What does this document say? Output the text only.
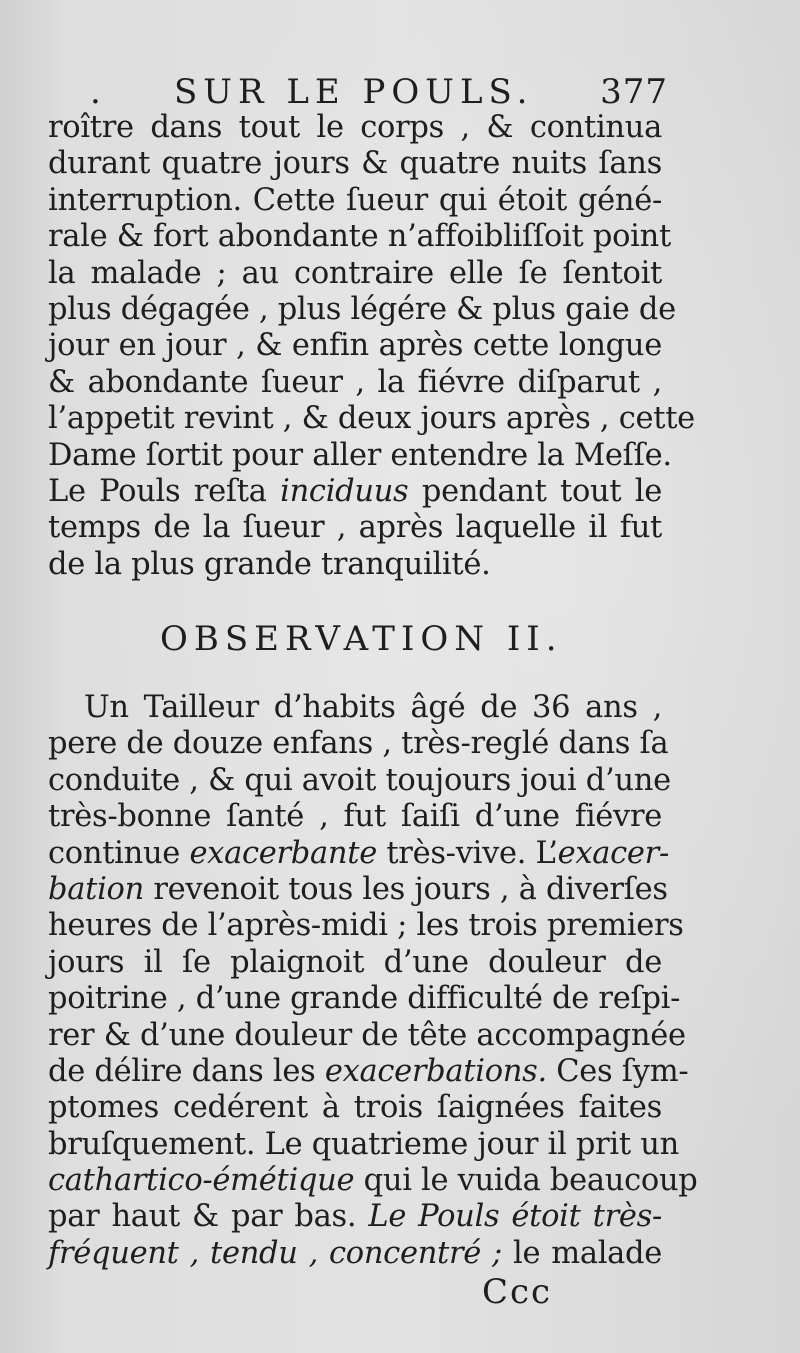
. SUR LE POULS. 377
roître dans tout le corps , & continua
durant quatre jours & quatre nuits ſans
interruption. Cette ſueur qui étoit géné-
rale & fort abondante n’affoibliſſoit point
la malade ; au contraire elle ſe ſentoit
plus dégagée , plus légére & plus gaie de
jour en jour , & enfin après cette longue
& abondante ſueur , la fiévre diſparut ,
l’appetit revint , & deux jours après , cette
Dame ſortit pour aller entendre la Meſſe.
Le Pouls reſta inciduus pendant tout le
temps de la ſueur , après laquelle il fut
de la plus grande tranquilité.
OBSERVATION II.
Un Tailleur d’habits âgé de 36 ans ,
pere de douze enfans , très-reglé dans ſa
conduite , & qui avoit toujours joui d’une
très-bonne ſanté , fut ſaiſi d’une fiévre
continue exacerbante très-vive. L’exacer-
bation revenoit tous les jours , à diverſes
heures de l’après-midi ; les trois premiers
jours il ſe plaignoit d’une douleur de
poitrine , d’une grande difficulté de reſpi-
rer & d’une douleur de tête accompagnée
de délire dans les exacerbations. Ces ſym-
ptomes cedérent à trois ſaignées faites
bruſquement. Le quatrieme jour il prit un
cathartico-émétique qui le vuida beaucoup
par haut & par bas. Le Pouls étoit très-
fréquent , tendu , concentré ; le malade
Ccc
